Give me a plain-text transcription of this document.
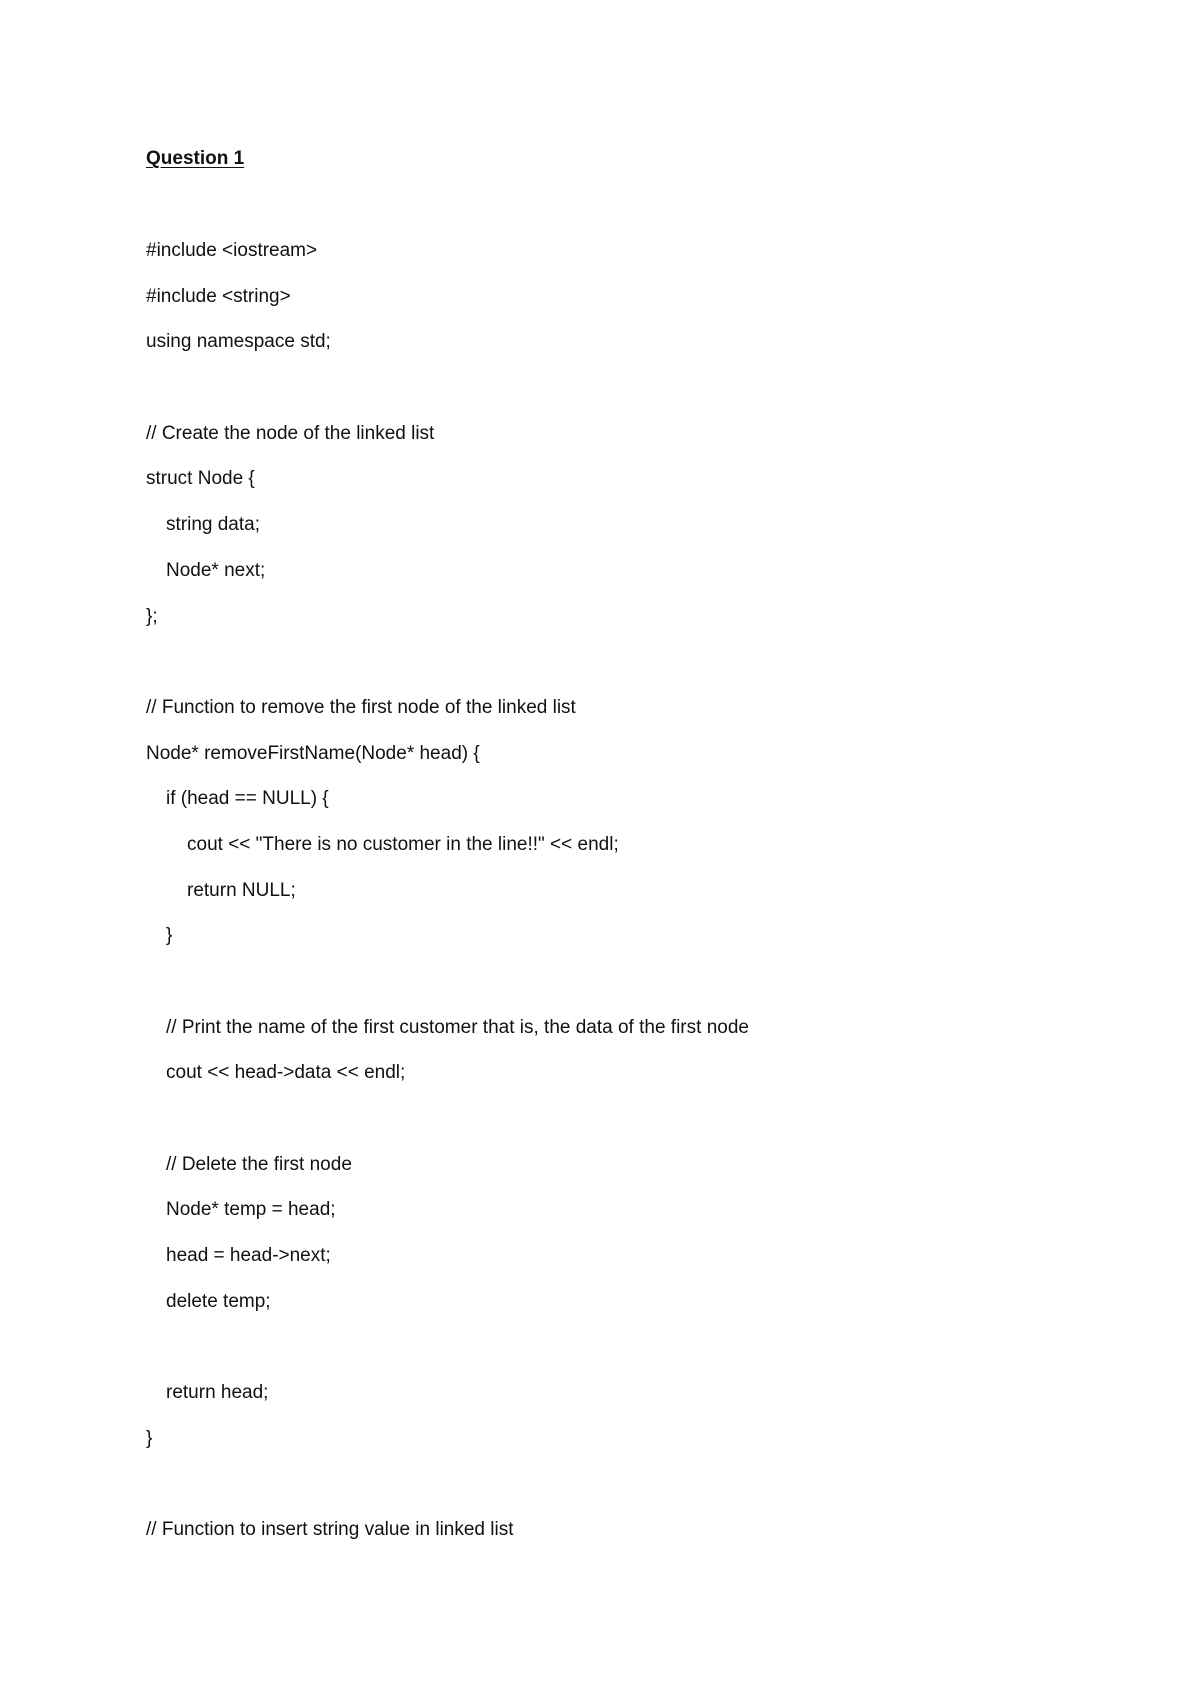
Question 1
#include <iostream>
#include <string>
using namespace std;
// Create the node of the linked list
struct Node {
string data;
Node* next;
};
// Function to remove the first node of the linked list
Node* removeFirstName(Node* head) {
if (head == NULL) {
cout << "There is no customer in the line!!" << endl;
return NULL;
}
// Print the name of the first customer that is, the data of the first node
cout << head->data << endl;
// Delete the first node
Node* temp = head;
head = head->next;
delete temp;
return head;
}
// Function to insert string value in linked list
